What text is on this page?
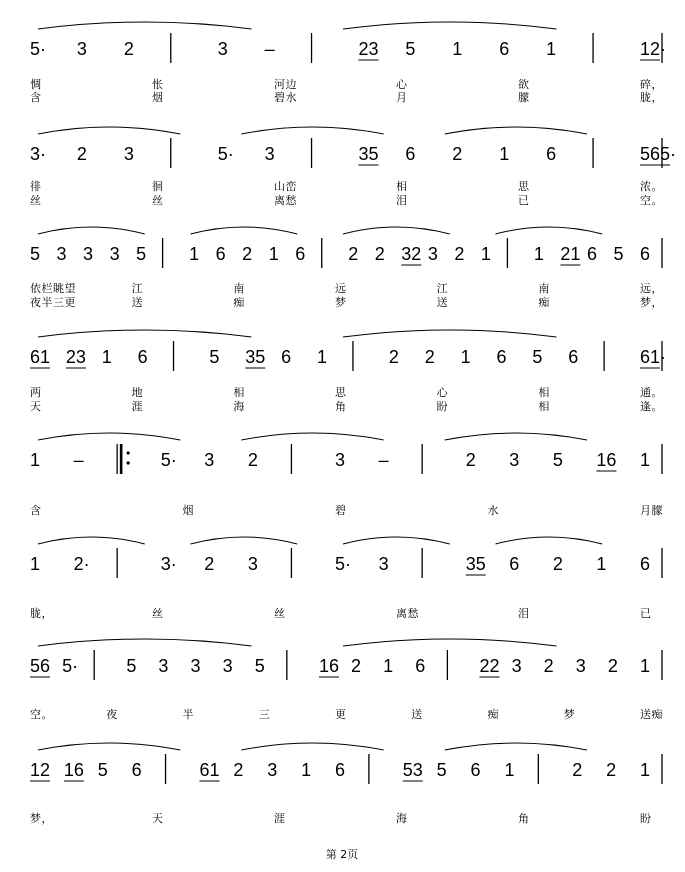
5· 3 2	3 –	23 5 1 6 1	12·
3· 2 3	5· 3	35 6 2 1 6	565·
5 3 3 3 5 1 6 2 1 6 2 2 32 3 2 1 1 21 6 5 6
61 23 1 6	5 35 6 1	2 2 1 6 5 6	61·
1 –	5· 3 2	3 –	2 3 5 16 1
1 2·	3· 2 3	5· 3	35 6 2 1 6
56 5·	5 3 3 3 5	16 2 1 6	22 3 2 3 2 1
12 16 5 6	61 2 3 1 6	53 5 6 1	2 2 1
惆	怅	河边	心	欲	碎，
含	烟	碧水	月	朦	胧，
徘	徊	山峦	相	思	浓。
丝	丝	离愁	泪	已	空。
依栏眺望	江	南	远	江	南	远，
夜半三更	送	痴	梦	送	痴	梦，
两	地	相	思	心	相	通。
天	涯	海	角	盼	相	逢。
含	烟	碧	水	月朦
胧，	丝	丝	离愁	泪	已
空。	夜	半	三	更	送	痴	梦	送痴
梦，	天	涯	海	角	盼
第 2页
